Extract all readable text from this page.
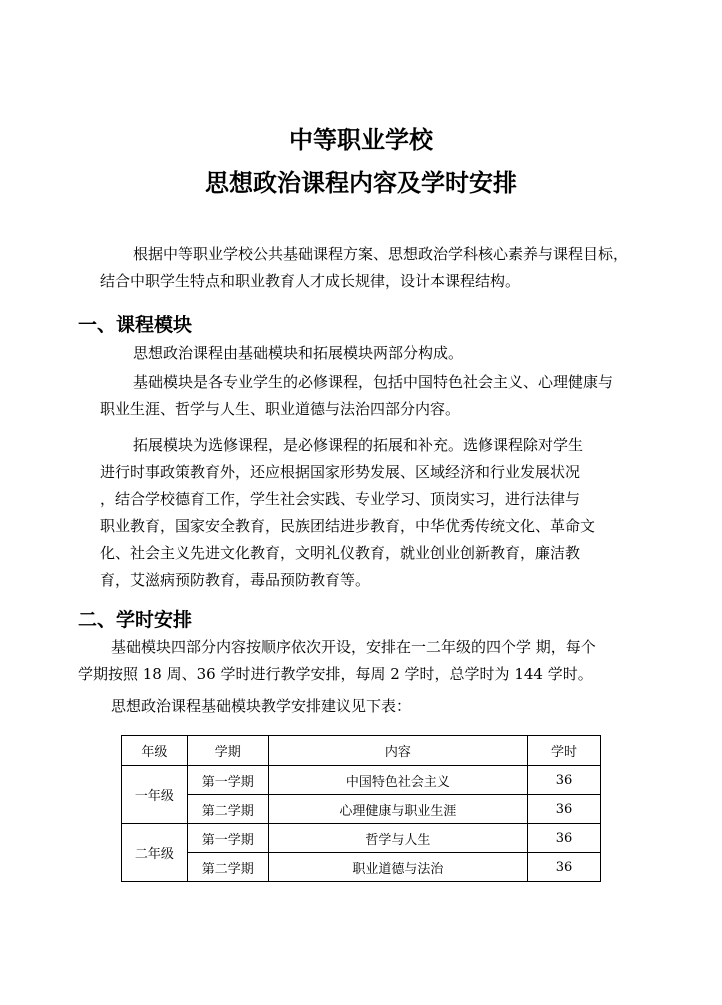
中等职业学校
思想政治课程内容及学时安排
根据中等职业学校公共基础课程方案、思想政治学科核心素养与课程目标，
结合中职学生特点和职业教育人才成长规律，设计本课程结构。
一、课程模块
思想政治课程由基础模块和拓展模块两部分构成。
基础模块是各专业学生的必修课程，包括中国特色社会主义、心理健康与
职业生涯、哲学与人生、职业道德与法治四部分内容。
拓展模块为选修课程，是必修课程的拓展和补充。选修课程除对学生
进行时事政策教育外，还应根据国家形势发展、区域经济和行业发展状况
，结合学校德育工作，学生社会实践、专业学习、顶岗实习，进行法律与
职业教育，国家安全教育，民族团结进步教育，中华优秀传统文化、革命文
化、社会主义先进文化教育，文明礼仪教育，就业创业创新教育，廉洁教
育，艾滋病预防教育，毒品预防教育等。
二、学时安排
基础模块四部分内容按顺序依次开设，安排在一二年级的四个学 期，每个
学期按照 18 周、36 学时进行教学安排，每周 2 学时，总学时为 144 学时。
思想政治课程基础模块教学安排建议见下表：
年级	学期	内容	学时
一年级	第一学期	中国特色社会主义	36
	第二学期	心理健康与职业生涯	36
二年级	第一学期	哲学与人生	36
	第二学期	职业道德与法治	36
